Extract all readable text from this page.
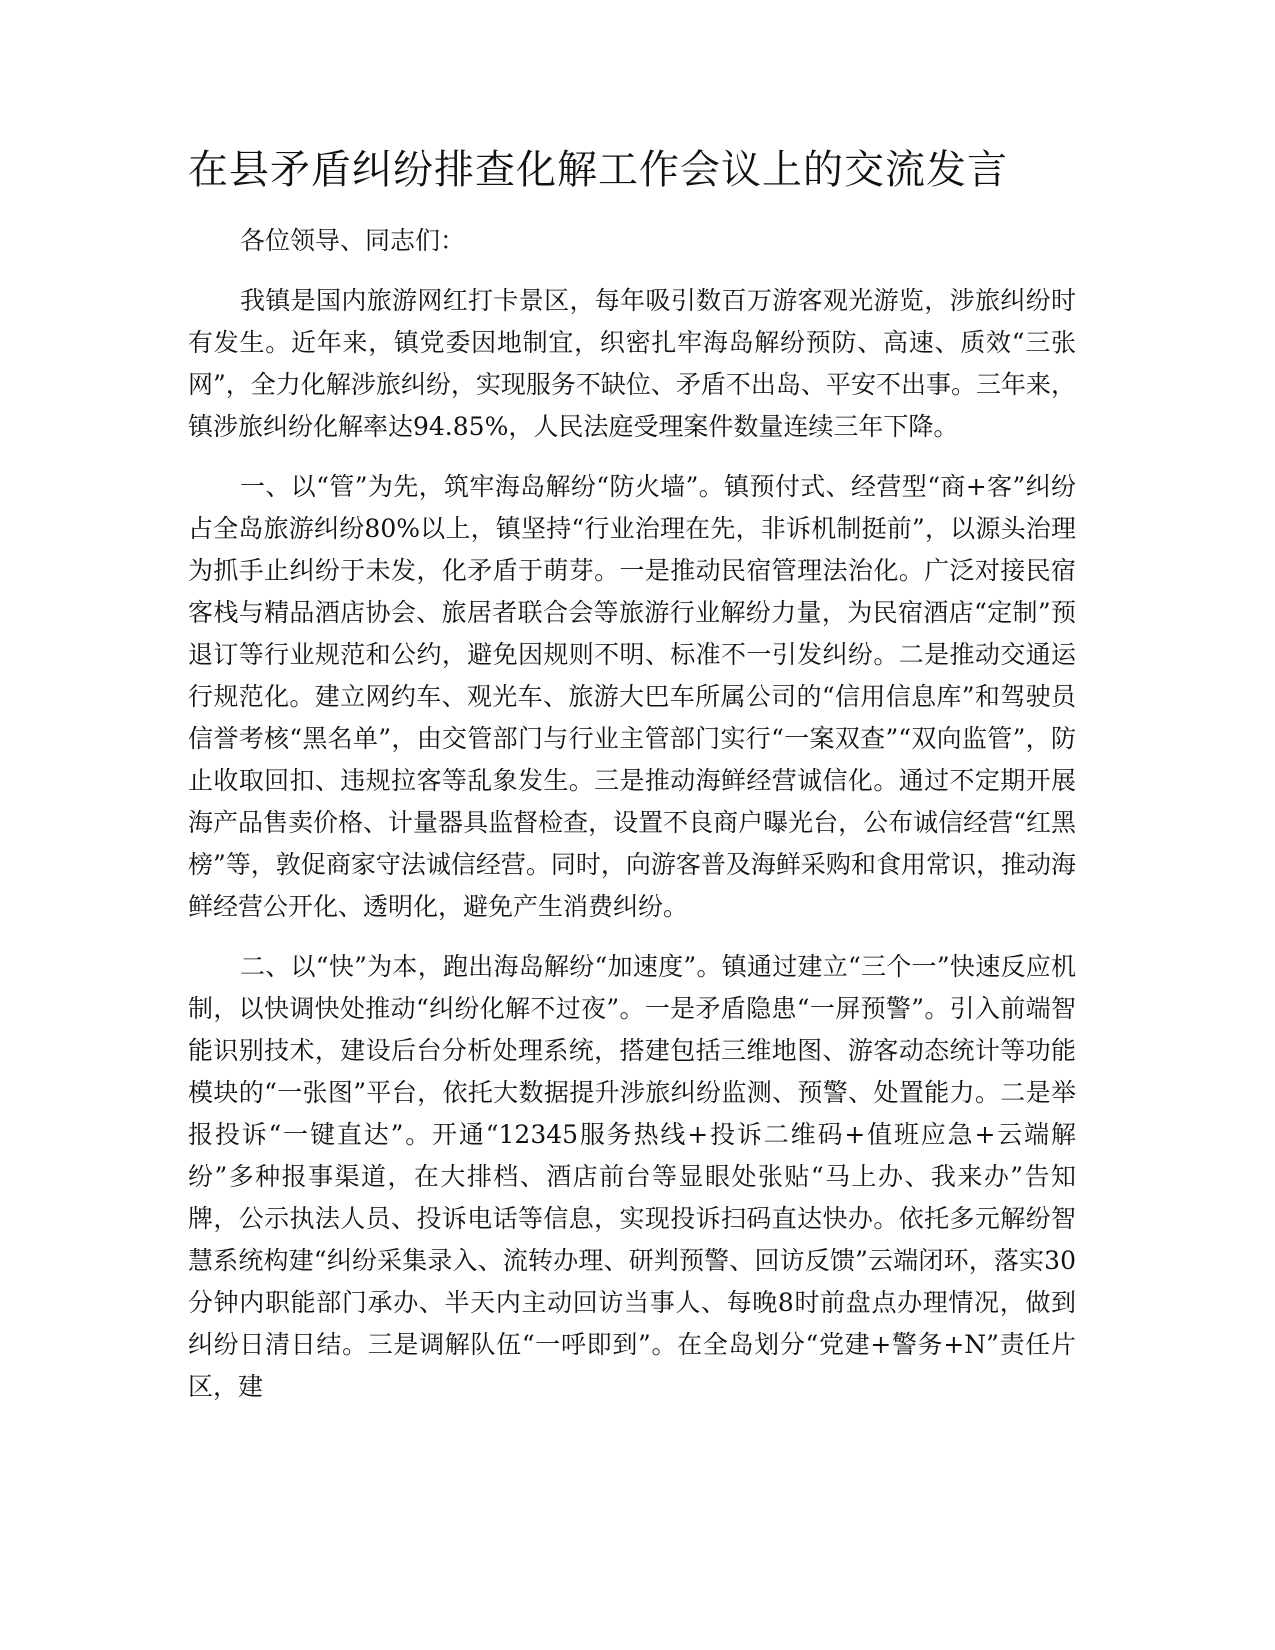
在县矛盾纠纷排查化解工作会议上的交流发言

各位领导、同志们：

我镇是国内旅游网红打卡景区，每年吸引数百万游客观光游览，涉旅纠纷时有发生。近年来，镇党委因地制宜，织密扎牢海岛解纷预防、高速、质效“三张网”，全力化解涉旅纠纷，实现服务不缺位、矛盾不出岛、平安不出事。三年来，镇涉旅纠纷化解率达94.85%，人民法庭受理案件数量连续三年下降。

一、以“管”为先，筑牢海岛解纷“防火墙”。镇预付式、经营型“商+客”纠纷占全岛旅游纠纷80%以上，镇坚持“行业治理在先，非诉机制挺前”，以源头治理为抓手止纠纷于未发，化矛盾于萌芽。一是推动民宿管理法治化。广泛对接民宿客栈与精品酒店协会、旅居者联合会等旅游行业解纷力量，为民宿酒店“定制”预退订等行业规范和公约，避免因规则不明、标准不一引发纠纷。二是推动交通运行规范化。建立网约车、观光车、旅游大巴车所属公司的“信用信息库”和驾驶员信誉考核“黑名单”，由交管部门与行业主管部门实行“一案双查”“双向监管”，防止收取回扣、违规拉客等乱象发生。三是推动海鲜经营诚信化。通过不定期开展海产品售卖价格、计量器具监督检查，设置不良商户曝光台，公布诚信经营“红黑榜”等，敦促商家守法诚信经营。同时，向游客普及海鲜采购和食用常识，推动海鲜经营公开化、透明化，避免产生消费纠纷。

二、以“快”为本，跑出海岛解纷“加速度”。镇通过建立“三个一”快速反应机制，以快调快处推动“纠纷化解不过夜”。一是矛盾隐患“一屏预警”。引入前端智能识别技术，建设后台分析处理系统，搭建包括三维地图、游客动态统计等功能模块的“一张图”平台，依托大数据提升涉旅纠纷监测、预警、处置能力。二是举报投诉“一键直达”。开通“12345服务热线+投诉二维码+值班应急+云端解纷”多种报事渠道，在大排档、酒店前台等显眼处张贴“马上办、我来办”告知牌，公示执法人员、投诉电话等信息，实现投诉扫码直达快办。依托多元解纷智慧系统构建“纠纷采集录入、流转办理、研判预警、回访反馈”云端闭环，落实30分钟内职能部门承办、半天内主动回访当事人、每晚8时前盘点办理情况，做到纠纷日清日结。三是调解队伍“一呼即到”。在全岛划分“党建+警务+N”责任片区，建
